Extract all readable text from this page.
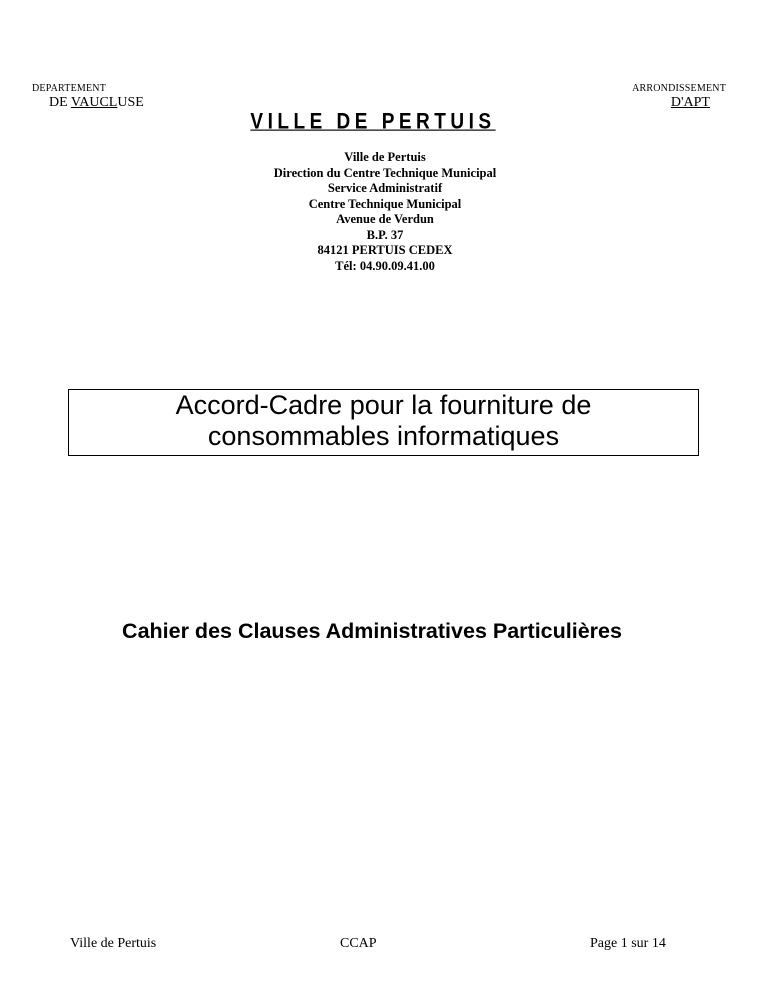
DEPARTEMENT
DE VAUCLUSE
ARRONDISSEMENT
D'APT
VILLE DE PERTUIS
Ville de Pertuis
Direction du Centre Technique Municipal
Service Administratif
Centre Technique Municipal
Avenue de Verdun
B.P. 37
84121 PERTUIS CEDEX
Tél: 04.90.09.41.00
Accord-Cadre pour la fourniture de
consommables informatiques
Cahier des Clauses Administratives Particulières
Ville de Pertuis	CCAP	Page 1 sur 14
